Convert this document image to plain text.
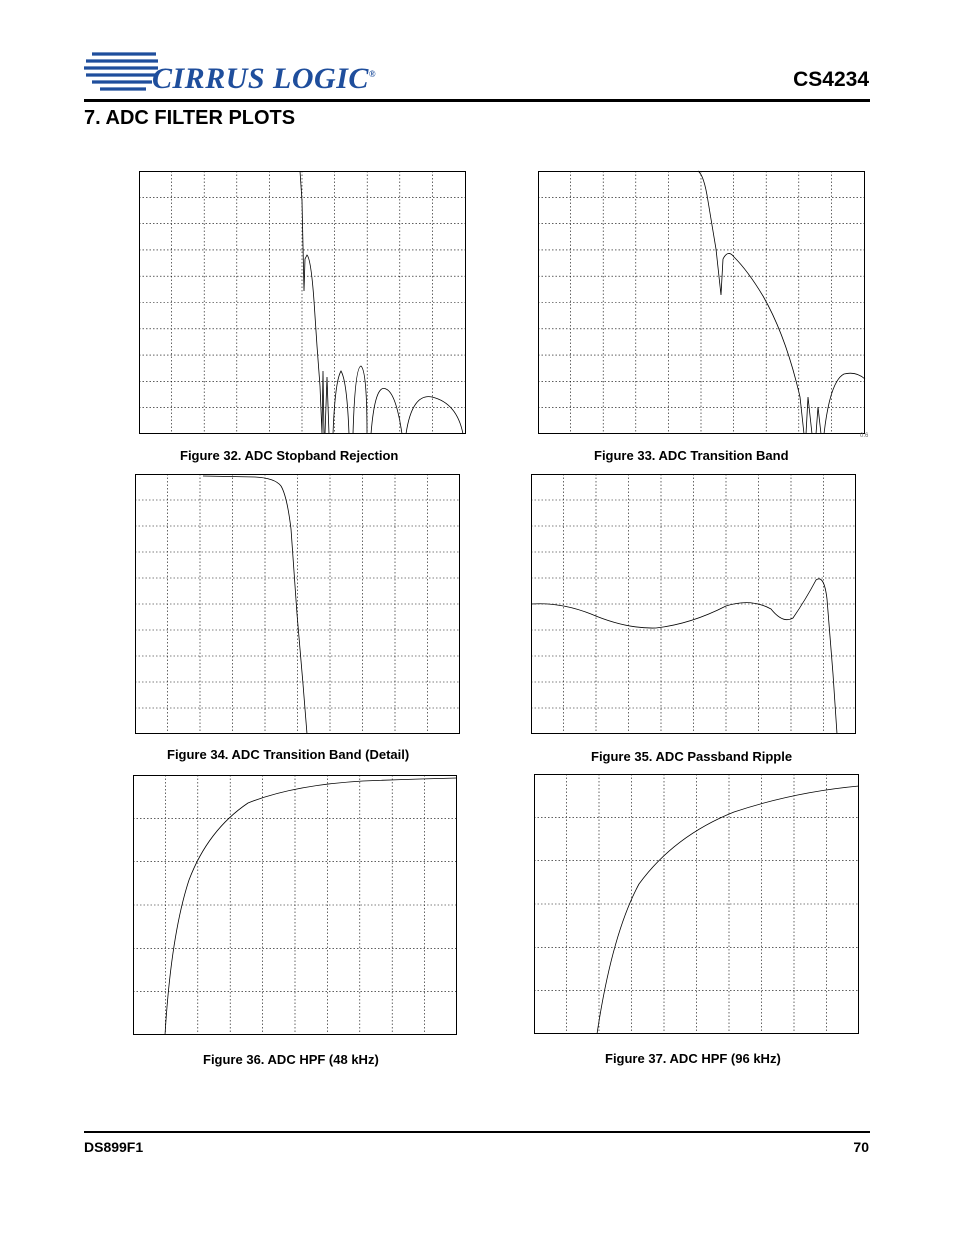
CIRRUS LOGIC®	CS4234
7. ADC FILTER PLOTS
Figure 32. ADC Stopband Rejection
0.6
Figure 33. ADC Transition Band
Figure 34. ADC Transition Band (Detail)	Figure 35. ADC Passband Ripple
Figure 36. ADC HPF (48 kHz)	Figure 37. ADC HPF (96 kHz)
DS899F1	70
